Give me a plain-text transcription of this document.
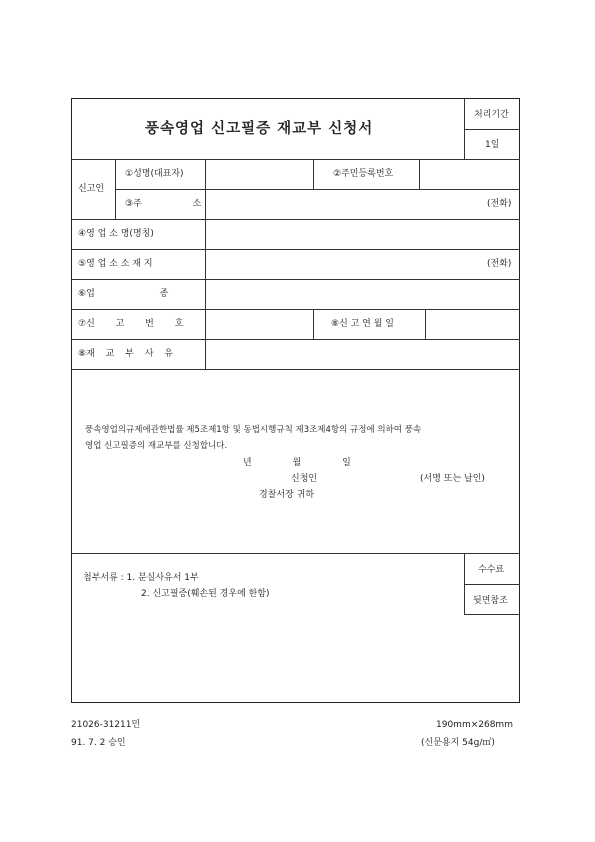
풍속영업 신고필증 재교부 신청서
처리기간
1일
신고인
①성명(대표자)	②주민등록번호
③주 소	(전화)
④영 업 소 명(명칭)
⑤영 업 소 소 재 지	(전화)
⑥업 종
⑦신 고 번 호	⑧신 고 연 월 일
⑧재 교 부 사 유
풍속영업의규제에관한법률 제5조제1항 및 동법시행규칙 제3조제4항의 규정에 의하여 풍속
영업 신고필증의 재교부를 신청합니다.
년 월 일
신청인	(서명 또는 날인)
경찰서장 귀하
첨부서류 : 1. 분실사유서 1부
2. 신고필증(훼손된 경우에 한함)
수수료
뒷면참조
21026-31211민
91. 7. 2 승인
190mm×268mm
(신문용지 54g/㎡)
